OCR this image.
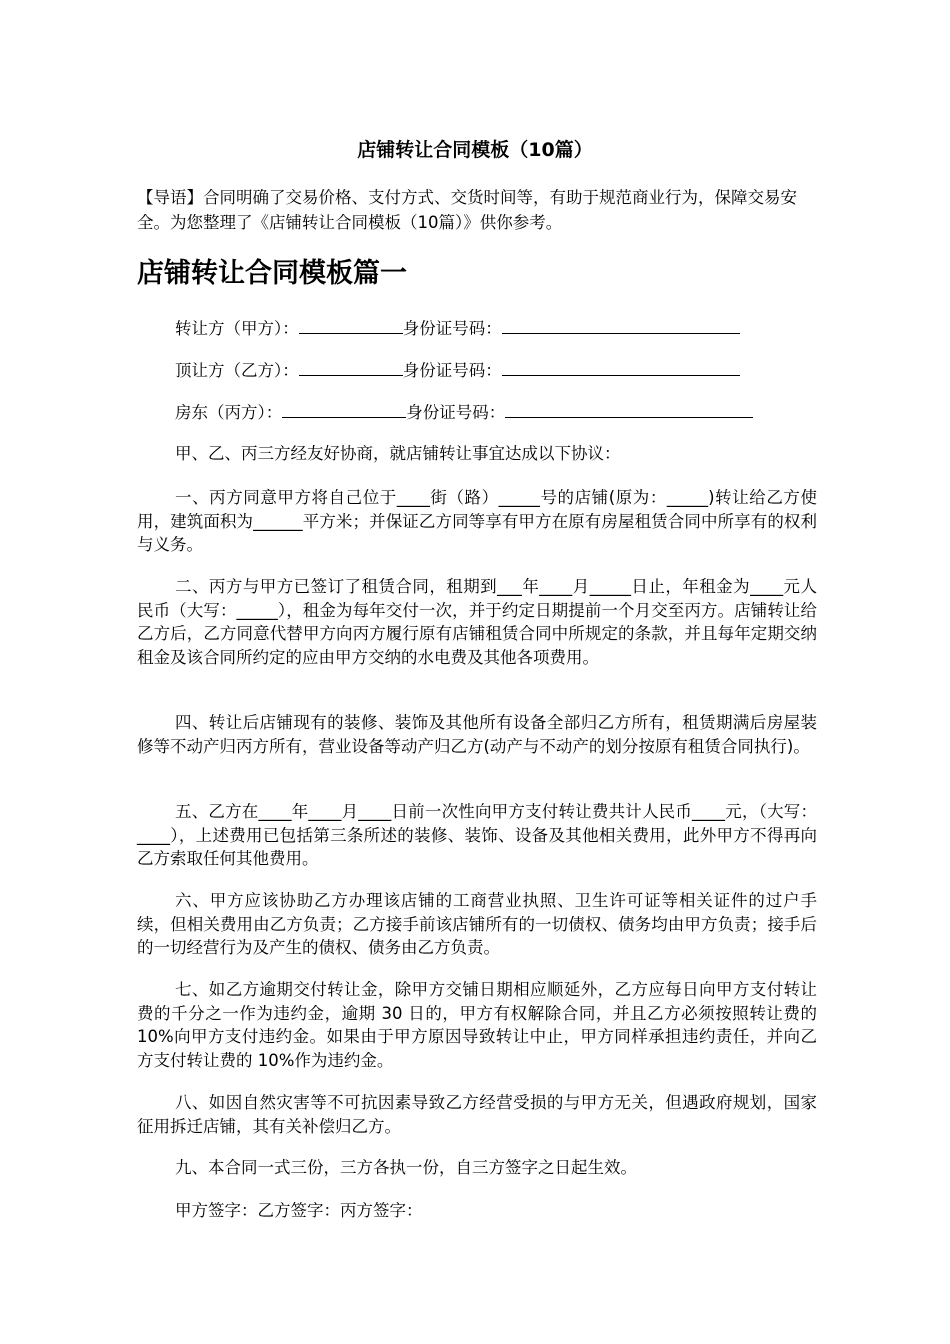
店铺转让合同模板（10篇）
【导语】合同明确了交易价格、支付方式、交货时间等，有助于规范商业行为，保障交易安全。为您整理了《店铺转让合同模板（10篇）》供你参考。
店铺转让合同模板篇一
转让方（甲方）：	身份证号码：
顶让方（乙方）：	身份证号码：
房东（丙方）：	身份证号码：
甲、乙、丙三方经友好协商，就店铺转让事宜达成以下协议：
一、丙方同意甲方将自己位于____街（路）_____号的店铺(原为：_____)转让给乙方使用，建筑面积为______平方米；并保证乙方同等享有甲方在原有房屋租赁合同中所享有的权利与义务。
二、丙方与甲方已签订了租赁合同，租期到___年____月_____日止，年租金为____元人民币（大写：_____），租金为每年交付一次，并于约定日期提前一个月交至丙方。店铺转让给乙方后，乙方同意代替甲方向丙方履行原有店铺租赁合同中所规定的条款，并且每年定期交纳租金及该合同所约定的应由甲方交纳的水电费及其他各项费用。
四、转让后店铺现有的装修、装饰及其他所有设备全部归乙方所有，租赁期满后房屋装修等不动产归丙方所有，营业设备等动产归乙方(动产与不动产的划分按原有租赁合同执行)。
五、乙方在____年____月____日前一次性向甲方支付转让费共计人民币____元，（大写：____），上述费用已包括第三条所述的装修、装饰、设备及其他相关费用，此外甲方不得再向乙方索取任何其他费用。
六、甲方应该协助乙方办理该店铺的工商营业执照、卫生许可证等相关证件的过户手续，但相关费用由乙方负责；乙方接手前该店铺所有的一切债权、债务均由甲方负责；接手后的一切经营行为及产生的债权、债务由乙方负责。
七、如乙方逾期交付转让金，除甲方交铺日期相应顺延外，乙方应每日向甲方支付转让费的千分之一作为违约金，逾期 30 日的，甲方有权解除合同，并且乙方必须按照转让费的 10%向甲方支付违约金。如果由于甲方原因导致转让中止，甲方同样承担违约责任，并向乙方支付转让费的 10%作为违约金。
八、如因自然灾害等不可抗因素导致乙方经营受损的与甲方无关，但遇政府规划，国家征用拆迁店铺，其有关补偿归乙方。
九、本合同一式三份，三方各执一份，自三方签字之日起生效。
甲方签字：乙方签字：丙方签字：
